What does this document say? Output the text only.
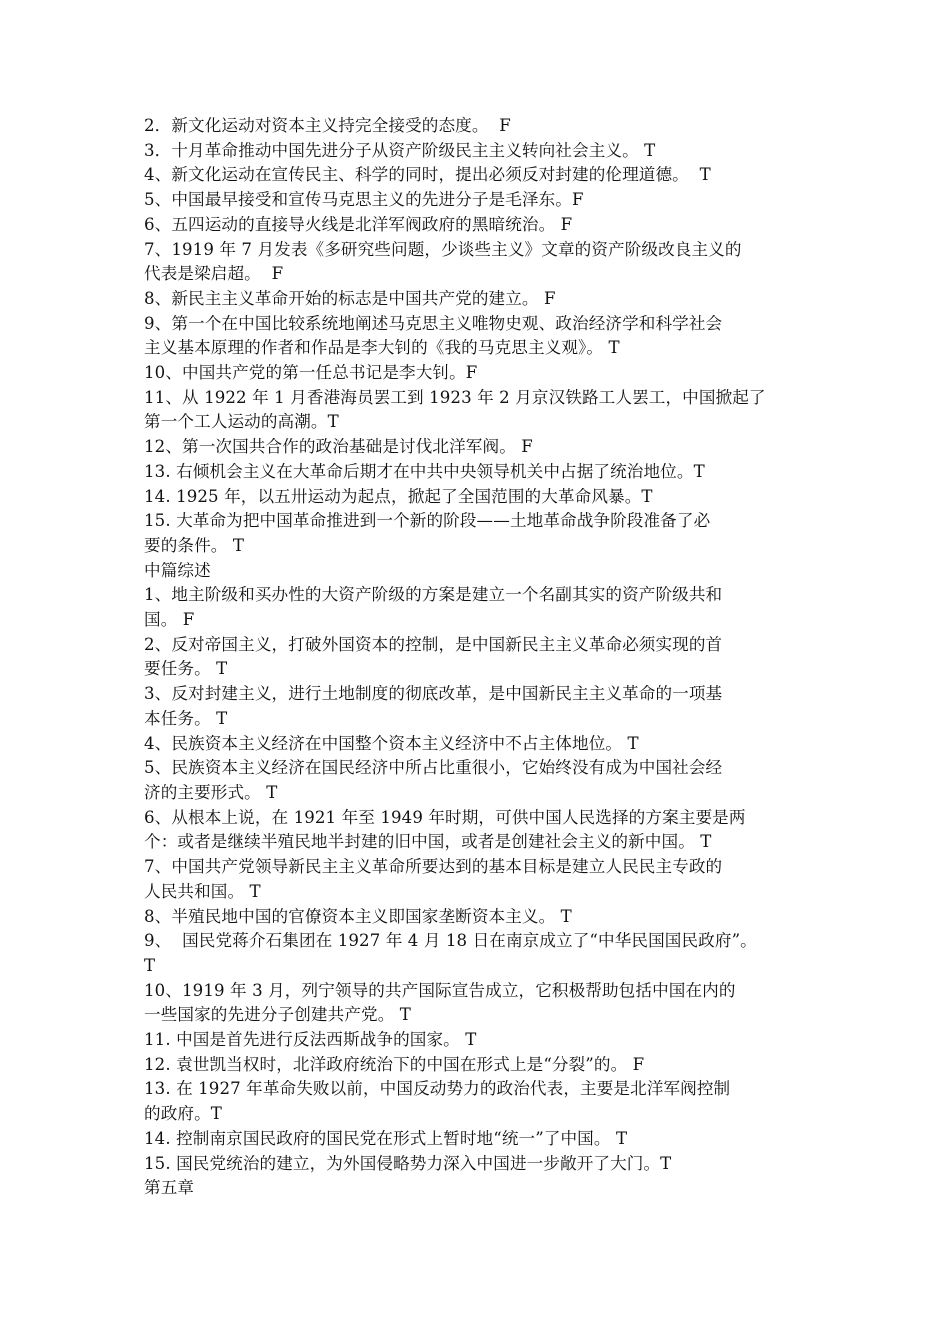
2．新文化运动对资本主义持完全接受的态度。  F
3．十月革命推动中国先进分子从资产阶级民主主义转向社会主义。 T
4、新文化运动在宣传民主、科学的同时，提出必须反对封建的伦理道德。  T
5、中国最早接受和宣传马克思主义的先进分子是毛泽东。F
6、五四运动的直接导火线是北洋军阀政府的黑暗统治。 F
7、1919 年 7 月发表《多研究些问题，少谈些主义》文章的资产阶级改良主义的
代表是梁启超。  F
8、新民主主义革命开始的标志是中国共产党的建立。 F
9、第一个在中国比较系统地阐述马克思主义唯物史观、政治经济学和科学社会
主义基本原理的作者和作品是李大钊的《我的马克思主义观》。 T
10、中国共产党的第一任总书记是李大钊。F
11、从 1922 年 1 月香港海员罢工到 1923 年 2 月京汉铁路工人罢工，中国掀起了
第一个工人运动的高潮。T
12、第一次国共合作的政治基础是讨伐北洋军阀。 F
13. 右倾机会主义在大革命后期才在中共中央领导机关中占据了统治地位。T
14. 1925 年，以五卅运动为起点，掀起了全国范围的大革命风暴。T
15. 大革命为把中国革命推进到一个新的阶段——土地革命战争阶段准备了必
要的条件。 T
中篇综述
1、地主阶级和买办性的大资产阶级的方案是建立一个名副其实的资产阶级共和
国。 F
2、反对帝国主义，打破外国资本的控制，是中国新民主主义革命必须实现的首
要任务。 T
3、反对封建主义，进行土地制度的彻底改革，是中国新民主主义革命的一项基
本任务。 T
4、民族资本主义经济在中国整个资本主义经济中不占主体地位。 T
5、民族资本主义经济在国民经济中所占比重很小，它始终没有成为中国社会经
济的主要形式。 T
6、从根本上说，在 1921 年至 1949 年时期，可供中国人民选择的方案主要是两
个：或者是继续半殖民地半封建的旧中国，或者是创建社会主义的新中国。 T
7、中国共产党领导新民主主义革命所要达到的基本目标是建立人民民主专政的
人民共和国。 T
8、半殖民地中国的官僚资本主义即国家垄断资本主义。 T
9、  国民党蒋介石集团在 1927 年 4 月 18 日在南京成立了“中华民国国民政府”。
T
10、1919 年 3 月，列宁领导的共产国际宣告成立，它积极帮助包括中国在内的
一些国家的先进分子创建共产党。 T
11. 中国是首先进行反法西斯战争的国家。 T
12. 袁世凯当权时，北洋政府统治下的中国在形式上是“分裂”的。 F
13. 在 1927 年革命失败以前，中国反动势力的政治代表，主要是北洋军阀控制
的政府。T
14. 控制南京国民政府的国民党在形式上暂时地“统一”了中国。 T
15. 国民党统治的建立，为外国侵略势力深入中国进一步敞开了大门。T
第五章
